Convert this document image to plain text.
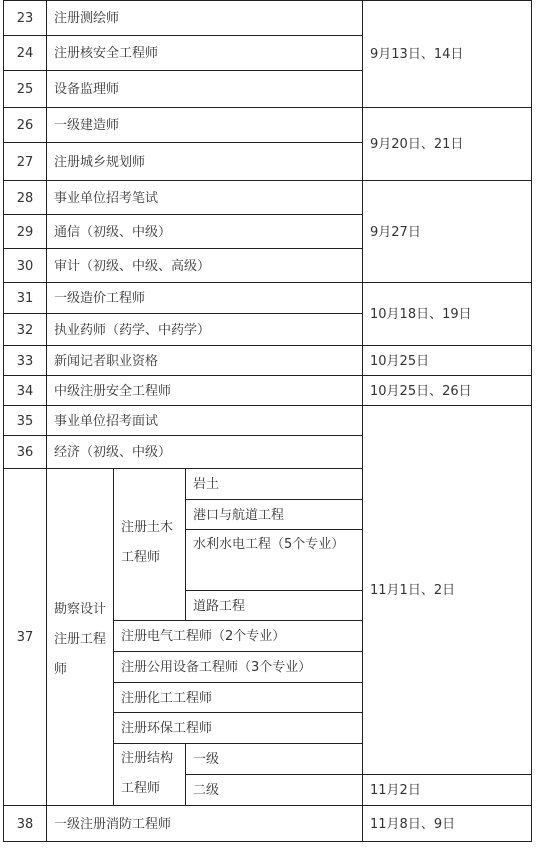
23
24
25
26
27
28
29
30
31
32
33
34
35
36
37
38
注册测绘师
注册核安全工程师
设备监理师
一级建造师
注册城乡规划师
事业单位招考笔试
通信（初级、中级）
审计（初级、中级、高级）
一级造价工程师
执业药师（药学、中药学）
新闻记者职业资格
中级注册安全工程师
事业单位招考面试
经济（初级、中级）
勘察设计注册工程师
注册土木工程师
岩土
港口与航道工程
水利水电工程（5个专业）
道路工程
注册电气工程师（2个专业）
注册公用设备工程师（3个专业）
注册化工工程师
注册环保工程师
注册结构工程师
一级
二级
一级注册消防工程师
9月13日、14日
9月20日、21日
9月27日
10月18日、19日
10月25日
10月25日、26日
11月1日、2日
11月2日
11月8日、9日
